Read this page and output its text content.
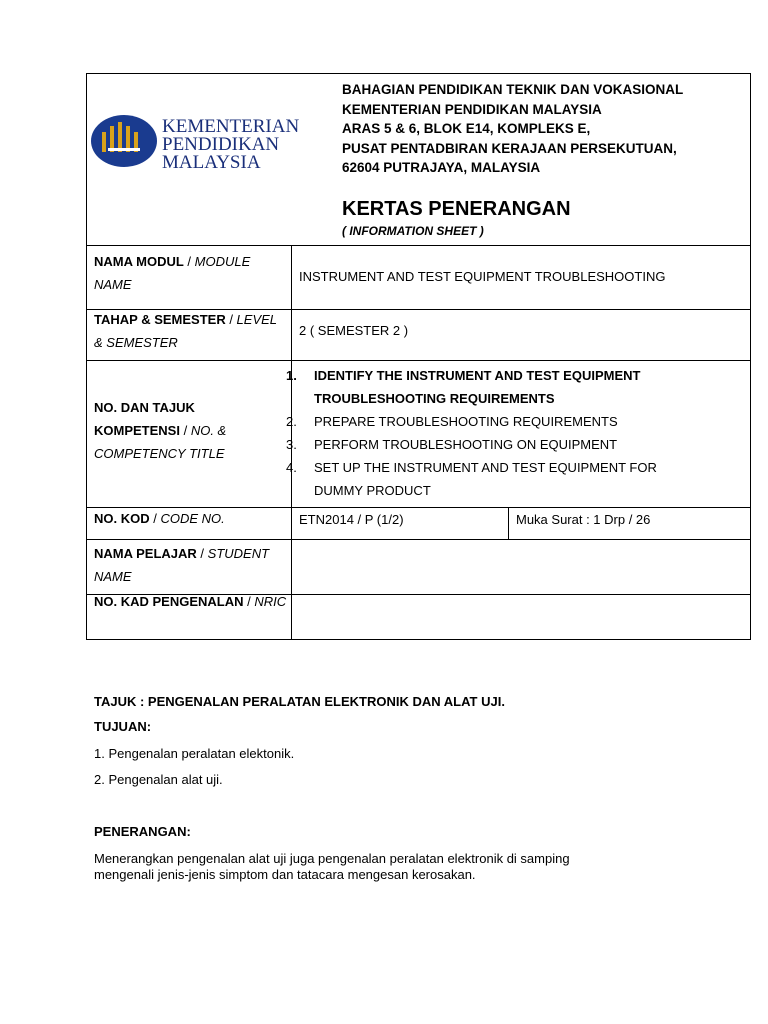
KEMENTERIAN
PENDIDIKAN
MALAYSIA
BAHAGIAN PENDIDIKAN TEKNIK DAN VOKASIONAL
KEMENTERIAN PENDIDIKAN MALAYSIA
ARAS 5 & 6, BLOK E14, KOMPLEKS E,
PUSAT PENTADBIRAN KERAJAAN PERSEKUTUAN,
62604 PUTRAJAYA, MALAYSIA
KERTAS PENERANGAN
( INFORMATION SHEET )
NAMA MODUL / MODULE NAME
INSTRUMENT AND TEST EQUIPMENT TROUBLESHOOTING
TAHAP & SEMESTER / LEVEL & SEMESTER
2 ( SEMESTER 2 )
NO. DAN TAJUK KOMPETENSI / NO. & COMPETENCY TITLE
1. IDENTIFY THE INSTRUMENT AND TEST EQUIPMENT
TROUBLESHOOTING REQUIREMENTS
2. PREPARE TROUBLESHOOTING REQUIREMENTS
3. PERFORM TROUBLESHOOTING ON EQUIPMENT
4. SET UP THE INSTRUMENT AND TEST EQUIPMENT FOR
DUMMY PRODUCT
NO. KOD / CODE NO.	ETN2014 / P (1/2)	Muka Surat : 1 Drp / 26
NAMA PELAJAR / STUDENT NAME
NO. KAD PENGENALAN / NRIC
TAJUK : PENGENALAN PERALATAN ELEKTRONIK DAN ALAT UJI.
TUJUAN:
1. Pengenalan peralatan elektonik.
2. Pengenalan alat uji.
PENERANGAN:
Menerangkan pengenalan alat uji juga pengenalan peralatan elektronik di samping
mengenali jenis-jenis simptom dan tatacara mengesan kerosakan.
